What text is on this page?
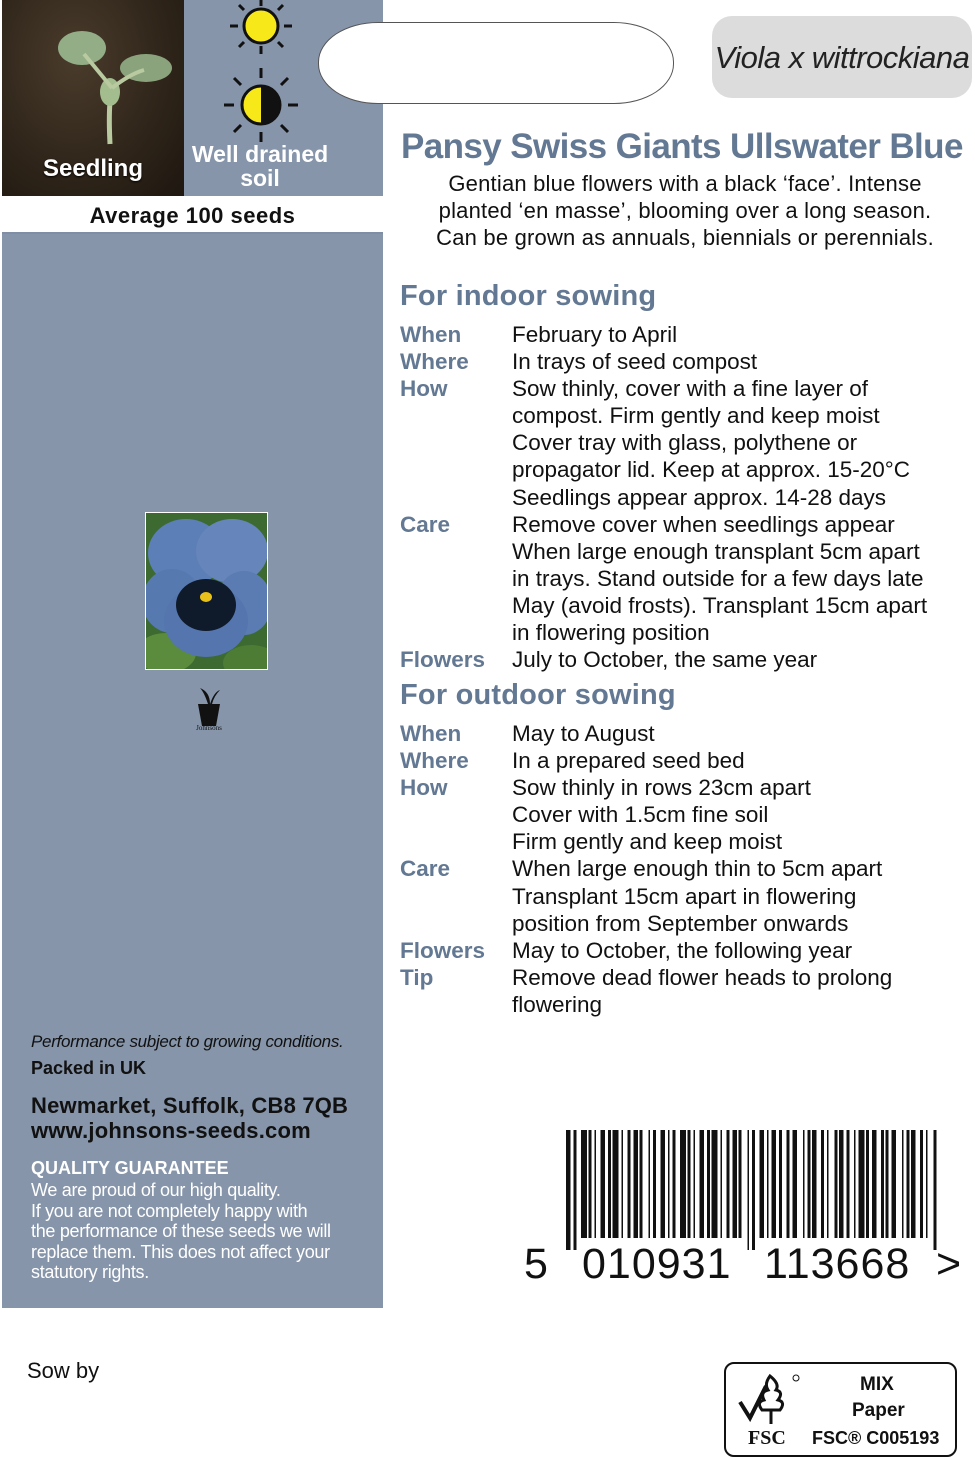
Seedling
Well drained
soil
Average 100 seeds
Johnsons
Performance subject to growing conditions.
Packed in UK
Newmarket, Suffolk, CB8 7QB
www.johnsons-seeds.com
QUALITY GUARANTEE
We are proud of our high quality.
If you are not completely happy with
the performance of these seeds we will
replace them. This does not affect your
statutory rights.
Viola x wittrockiana
Pansy Swiss Giants Ullswater Blue
Gentian blue flowers with a black ‘face’. Intense
planted ‘en masse’, blooming over a long season.
Can be grown as annuals, biennials or perennials.
For indoor sowing
When	February to April
Where	In trays of seed compost
How	Sow thinly, cover with a fine layer of
compost. Firm gently and keep moist
Cover tray with glass, polythene or
propagator lid. Keep at approx. 15-20°C
Seedlings appear approx. 14-28 days
Care	Remove cover when seedlings appear
When large enough transplant 5cm apart
in trays. Stand outside for a few days late
May (avoid frosts). Transplant 15cm apart
in flowering position
Flowers	July to October, the same year
For outdoor sowing
When	May to August
Where	In a prepared seed bed
How	Sow thinly in rows 23cm apart
Cover with 1.5cm fine soil
Firm gently and keep moist
Care	When large enough thin to 5cm apart
Transplant 15cm apart in flowering
position from September onwards
Flowers	May to October, the following year
Tip	Remove dead flower heads to prolong
flowering
5 010931 113668 >
Sow by
FSC
MIX
Paper
FSC® C005193
